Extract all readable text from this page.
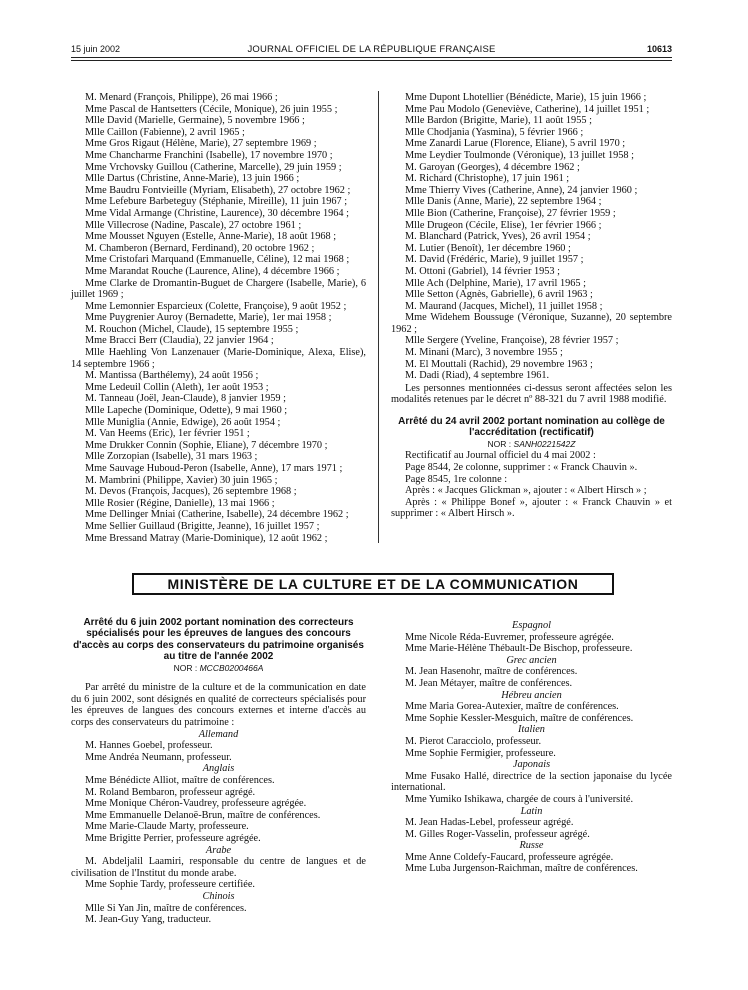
15 juin 2002	JOURNAL OFFICIEL DE LA RÉPUBLIQUE FRANÇAISE	10613

M. Menard (François, Philippe), 26 mai 1966 ;

Mme Pascal de Hantsetters (Cécile, Monique), 26 juin 1955 ;

Mlle David (Marielle, Germaine), 5 novembre 1966 ;

Mlle Caillon (Fabienne), 2 avril 1965 ;

Mme Gros Rigaut (Hélène, Marie), 27 septembre 1969 ;

Mme Chancharme Franchini (Isabelle), 17 novembre 1970 ;

Mme Vrchovsky Guillou (Catherine, Marcelle), 29 juin 1959 ;

Mlle Dartus (Christine, Anne-Marie), 13 juin 1966 ;

Mme Baudru Fontvieille (Myriam, Elisabeth), 27 octobre 1962 ;

Mme Lefebure Barbeteguy (Stéphanie, Mireille), 11 juin 1967 ;

Mme Vidal Armange (Christine, Laurence), 30 décembre 1964 ;

Mlle Villecrose (Nadine, Pascale), 27 octobre 1961 ;

Mme Mousset Nguyen (Estelle, Anne-Marie), 18 août 1968 ;

M. Chamberon (Bernard, Ferdinand), 20 octobre 1962 ;

Mme Cristofari Marquand (Emmanuelle, Céline), 12 mai 1968 ;

Mme Marandat Rouche (Laurence, Aline), 4 décembre 1966 ;

Mme Clarke de Dromantin-Buguet de Chargere (Isabelle, Marie), 6 juillet 1969 ;

Mme Lemonnier Esparcieux (Colette, Françoise), 9 août 1952 ;

Mme Puygrenier Auroy (Bernadette, Marie), 1er mai 1958 ;

M. Rouchon (Michel, Claude), 15 septembre 1955 ;

Mme Bracci Berr (Claudia), 22 janvier 1964 ;

Mlle Haehling Von Lanzenauer (Marie-Dominique, Alexa, Elise), 14 septembre 1966 ;

M. Mantissa (Barthélemy), 24 août 1956 ;

Mme Ledeuil Collin (Aleth), 1er août 1953 ;

M. Tanneau (Joël, Jean-Claude), 8 janvier 1959 ;

Mlle Lapeche (Dominique, Odette), 9 mai 1960 ;

Mlle Muniglia (Annie, Edwige), 26 août 1954 ;

M. Van Heems (Eric), 1er février 1951 ;

Mme Drukker Connin (Sophie, Eliane), 7 décembre 1970 ;

Mlle Zorzopian (Isabelle), 31 mars 1963 ;

Mme Sauvage Huboud-Peron (Isabelle, Anne), 17 mars 1971 ;

M. Mambrini (Philippe, Xavier) 30 juin 1965 ;

M. Devos (François, Jacques), 26 septembre 1968 ;

Mlle Rosier (Régine, Danielle), 13 mai 1966 ;

Mme Dellinger Mniai (Catherine, Isabelle), 24 décembre 1962 ;

Mme Sellier Guillaud (Brigitte, Jeanne), 16 juillet 1957 ;

Mme Bressand Matray (Marie-Dominique), 12 août 1962 ;

Mme Dupont Lhotellier (Bénédicte, Marie), 15 juin 1966 ;

Mme Pau Modolo (Geneviève, Catherine), 14 juillet 1951 ;

Mlle Bardon (Brigitte, Marie), 11 août 1955 ;

Mlle Chodjania (Yasmina), 5 février 1966 ;

Mme Zanardi Larue (Florence, Eliane), 5 avril 1970 ;

Mme Leydier Toulmonde (Véronique), 13 juillet 1958 ;

M. Garoyan (Georges), 4 décembre 1962 ;

M. Richard (Christophe), 17 juin 1961 ;

Mme Thierry Vives (Catherine, Anne), 24 janvier 1960 ;

Mlle Danis (Anne, Marie), 22 septembre 1964 ;

Mlle Bion (Catherine, Françoise), 27 février 1959 ;

Mlle Drugeon (Cécile, Elise), 1er février 1966 ;

M. Blanchard (Patrick, Yves), 26 avril 1954 ;

M. Lutier (Benoît), 1er décembre 1960 ;

M. David (Frédéric, Marie), 9 juillet 1957 ;

M. Ottoni (Gabriel), 14 février 1953 ;

Mlle Ach (Delphine, Marie), 17 avril 1965 ;

Mlle Setton (Agnès, Gabrielle), 6 avril 1963 ;

M. Maurand (Jacques, Michel), 11 juillet 1958 ;

Mme Widehem Boussuge (Véronique, Suzanne), 20 septembre 1962 ;

Mlle Sergere (Yveline, Françoise), 28 février 1957 ;

M. Minani (Marc), 3 novembre 1955 ;

M. El Mouttali (Rachid), 29 novembre 1963 ;

M. Dadi (Riad), 4 septembre 1961.

Les personnes mentionnées ci-dessus seront affectées selon les modalités retenues par le décret nº 88-321 du 7 avril 1988 modifié.

Arrêté du 24 avril 2002 portant nomination au collège de l'accréditation (rectificatif)

NOR : SANH0221542Z

Rectificatif au Journal officiel du 4 mai 2002 :

Page 8544, 2e colonne, supprimer : « Franck Chauvin ».

Page 8545, 1re colonne :

Après : « Jacques Glickman », ajouter : « Albert Hirsch » ;

Après : « Philippe Bonef », ajouter : « Franck Chauvin » et supprimer : « Albert Hirsch ».

MINISTÈRE DE LA CULTURE ET DE LA COMMUNICATION

Arrêté du 6 juin 2002 portant nomination des correcteurs spécialisés pour les épreuves de langues des concours d'accès au corps des conservateurs du patrimoine organisés au titre de l'année 2002

NOR : MCCB0200466A

Par arrêté du ministre de la culture et de la communication en date du 6 juin 2002, sont désignés en qualité de correcteurs spécialisés pour les épreuves de langues des concours externes et interne d'accès au corps des conservateurs du patrimoine :

Allemand

M. Hannes Goebel, professeur.

Mme Andréa Neumann, professeur.

Anglais

Mme Bénédicte Alliot, maître de conférences.

M. Roland Bembaron, professeur agrégé.

Mme Monique Chéron-Vaudrey, professeure agrégée.

Mme Emmanuelle Delanoë-Brun, maître de conférences.

Mme Marie-Claude Marty, professeure.

Mme Brigitte Perrier, professeure agrégée.

Arabe

M. Abdeljalil Laamiri, responsable du centre de langues et de civilisation de l'Institut du monde arabe.

Mme Sophie Tardy, professeure certifiée.

Chinois

Mlle Si Yan Jin, maître de conférences.

M. Jean-Guy Yang, traducteur.

Espagnol

Mme Nicole Réda-Euvremer, professeure agrégée.

Mme Marie-Hélène Thébault-De Bischop, professeure.

Grec ancien

M. Jean Hasenohr, maître de conférences.

M. Jean Métayer, maître de conférences.

Hébreu ancien

Mme Maria Gorea-Autexier, maître de conférences.

Mme Sophie Kessler-Mesguich, maître de conférences.

Italien

M. Pierot Caracciolo, professeur.

Mme Sophie Fermigier, professeure.

Japonais

Mme Fusako Hallé, directrice de la section japonaise du lycée international.

Mme Yumiko Ishikawa, chargée de cours à l'université.

Latin

M. Jean Hadas-Lebel, professeur agrégé.

M. Gilles Roger-Vasselin, professeur agrégé.

Russe

Mme Anne Coldefy-Faucard, professeure agrégée.

Mme Luba Jurgenson-Raichman, maître de conférences.
